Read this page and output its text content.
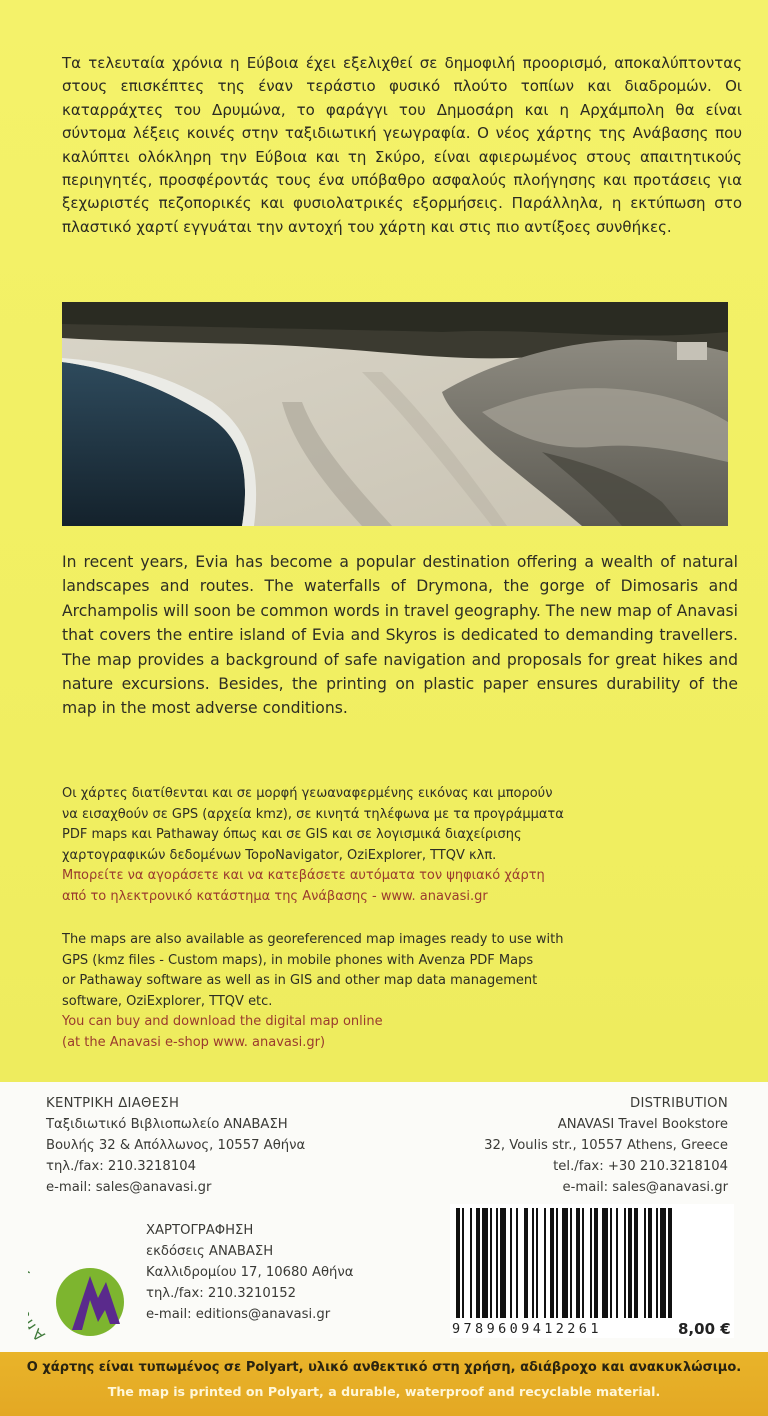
Τα τελευταία χρόνια η Εύβοια έχει εξελιχθεί σε δημοφιλή προορισμό, αποκαλύπτοντας στους επισκέπτες της έναν τεράστιο φυσικό πλούτο τοπίων και διαδρομών. Οι καταρράχτες του Δρυμώνα, το φαράγγι του Δημοσάρη και η Αρχάμπολη θα είναι σύντομα λέξεις κοινές στην ταξιδιωτική γεωγραφία. Ο νέος χάρτης της Ανάβασης που καλύπτει ολόκληρη την Εύβοια και τη Σκύρο, είναι αφιερωμένος στους απαιτητικούς περιηγητές, προσφέροντάς τους ένα υπόβαθρο ασφαλούς πλοήγησης και προτάσεις για ξεχωριστές πεζοπορικές και φυσιολατρικές εξορμήσεις. Παράλληλα, η εκτύπωση στο πλαστικό χαρτί εγγυάται την αντοχή του χάρτη και στις πιο αντίξοες συνθήκες.

In recent years, Evia has become a popular destination offering a wealth of natural landscapes and routes. The waterfalls of Drymona, the gorge of Dimosaris and Archampolis will soon be common words in travel geography. The new map of Anavasi that covers the entire island of Evia and Skyros is dedicated to demanding travellers. The map provides a background of safe navigation and proposals for great hikes and nature excursions. Besides, the printing on plastic paper ensures durability of the map in the most adverse conditions.

Οι χάρτες διατίθενται και σε μορφή γεωαναφερμένης εικόνας και μπορούν
να εισαχθούν σε GPS (αρχεία kmz), σε κινητά τηλέφωνα με τα προγράμματα
PDF maps και Pathaway όπως και σε GIS και σε λογισμικά διαχείρισης
χαρτογραφικών δεδομένων TopoNavigator, OziExplorer, TTQV κλπ.
Μπορείτε να αγοράσετε και να κατεβάσετε αυτόματα τον ψηφιακό χάρτη
από το ηλεκτρονικό κατάστημα της Ανάβασης - www. anavasi.gr
The maps are also available as georeferenced map images ready to use with
GPS (kmz files - Custom maps), in mobile phones with Avenza PDF Maps
or Pathaway software as well as in GIS and other map data management
software, OziExplorer, TTQV etc.
You can buy and download the digital map online
(at the Anavasi e-shop www. anavasi.gr)
ΚΕΝΤΡΙΚΗ ΔΙΑΘΕΣΗ
Ταξιδιωτικό Βιβλιοπωλείο ΑΝΑΒΑΣΗ
Βουλής 32 & Απόλλωνος, 10557 Αθήνα
τηλ./fax: 210.3218104
e-mail: sales@anavasi.gr
DISTRIBUTION
ANAVASI Travel Bookstore
32, Voulis str., 10557 Athens, Greece
tel./fax: +30 210.3218104
e-mail: sales@anavasi.gr
A
ΧΑΡΤΟΓΡΑΦΗΣΗ
εκδόσεις ΑΝΑΒΑΣΗ
Καλλιδρομίου 17, 10680 Αθήνα
τηλ./fax: 210.3210152
e-mail: editions@anavasi.gr
9789609412261	8,00 €
Ο χάρτης είναι τυπωμένος σε Polyart, υλικό ανθεκτικό στη χρήση, αδιάβροχο και ανακυκλώσιμο.
The map is printed on Polyart, a durable, waterproof and recyclable material.
